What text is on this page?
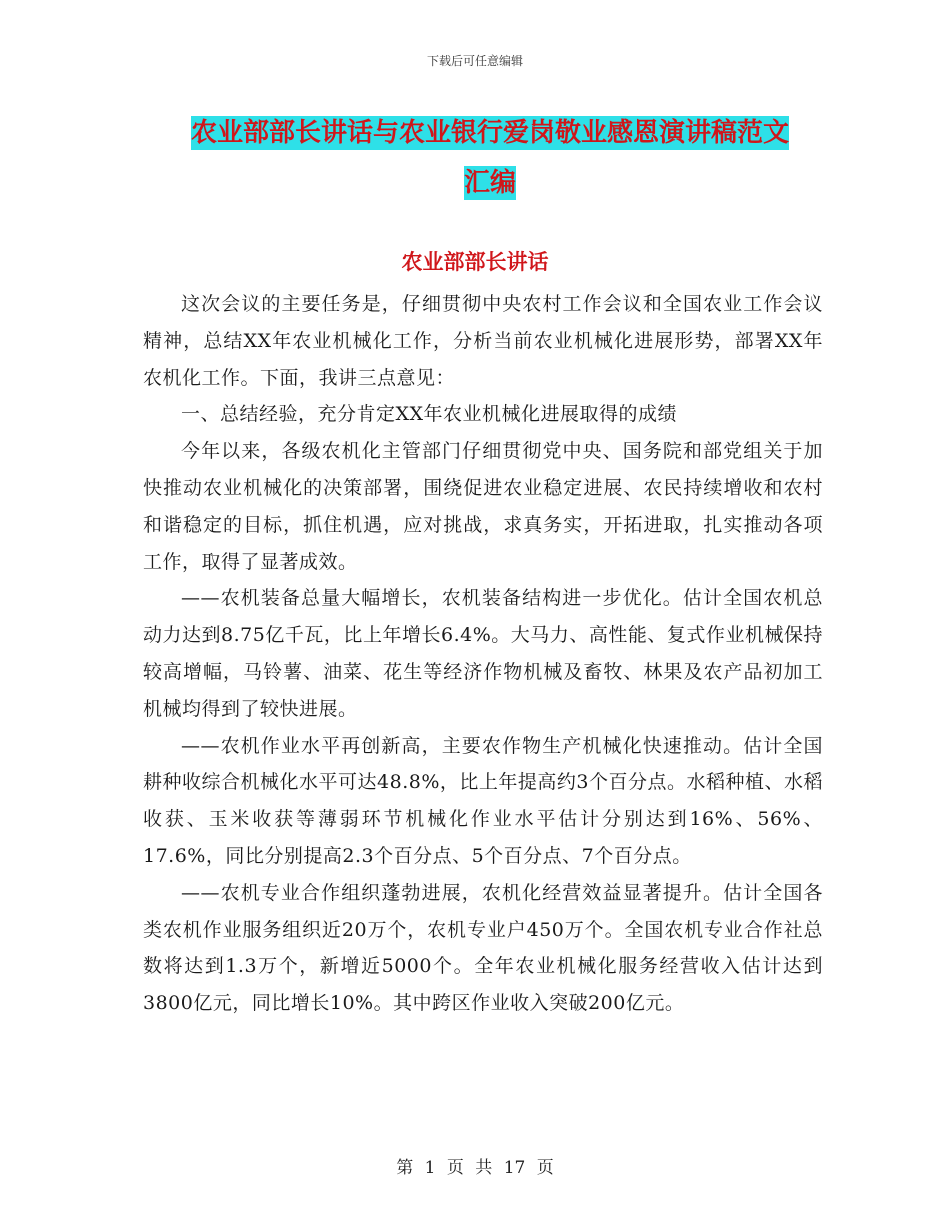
下载后可任意编辑
农业部部长讲话与农业银行爱岗敬业感恩演讲稿范文
汇编
农业部部长讲话

这次会议的主要任务是，仔细贯彻中央农村工作会议和全国农业工作会议精神，总结XX年农业机械化工作，分析当前农业机械化进展形势，部署XX年农机化工作。下面，我讲三点意见：

一、总结经验，充分肯定XX年农业机械化进展取得的成绩

今年以来，各级农机化主管部门仔细贯彻党中央、国务院和部党组关于加快推动农业机械化的决策部署，围绕促进农业稳定进展、农民持续增收和农村和谐稳定的目标，抓住机遇，应对挑战，求真务实，开拓进取，扎实推动各项工作，取得了显著成效。

——农机装备总量大幅增长，农机装备结构进一步优化。估计全国农机总动力达到8.75亿千瓦，比上年增长6.4%。大马力、高性能、复式作业机械保持较高增幅，马铃薯、油菜、花生等经济作物机械及畜牧、林果及农产品初加工机械均得到了较快进展。

——农机作业水平再创新高，主要农作物生产机械化快速推动。估计全国耕种收综合机械化水平可达48.8%，比上年提高约3个百分点。水稻种植、水稻收获、玉米收获等薄弱环节机械化作业水平估计分别达到16%、56%、17.6%，同比分别提高2.3个百分点、5个百分点、7个百分点。

——农机专业合作组织蓬勃进展，农机化经营效益显著提升。估计全国各类农机作业服务组织近20万个，农机专业户450万个。全国农机专业合作社总数将达到1.3万个，新增近5000个。全年农业机械化服务经营收入估计达到3800亿元，同比增长10%。其中跨区作业收入突破200亿元。

第 1 页 共 17 页
